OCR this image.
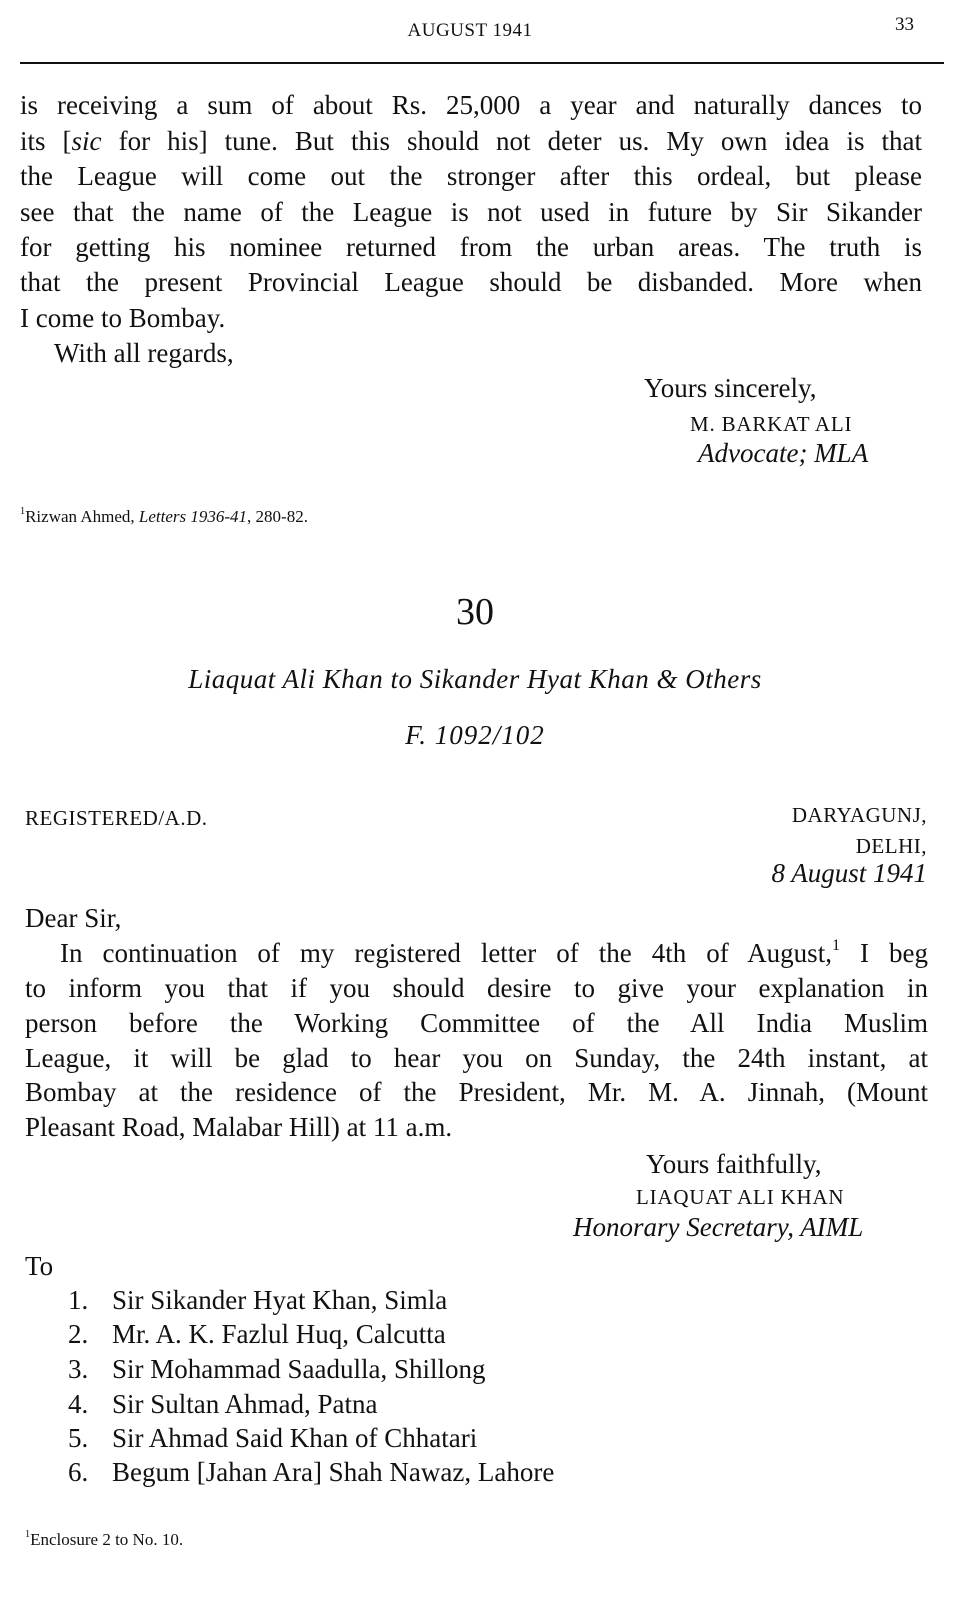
AUGUST 1941	33
is receiving a sum of about Rs. 25,000 a year and naturally dances to
its [sic for his] tune. But this should not deter us. My own idea is that
the League will come out the stronger after this ordeal, but please
see that the name of the League is not used in future by Sir Sikander
for getting his nominee returned from the urban areas. The truth is
that the present Provincial League should be disbanded. More when
I come to Bombay.
With all regards,
Yours sincerely,
M. BARKAT ALI
Advocate; MLA
$^1$Rizwan Ahmed, Letters 1936-41, 280-82.
30
Liaquat Ali Khan to Sikander Hyat Khan & Others
F. 1092/102
REGISTERED/A.D.	DARYAGUNJ,
DELHI,
8 August 1941
Dear Sir,
In continuation of my registered letter of the 4th of August,$^1$ I beg
to inform you that if you should desire to give your explanation in
person before the Working Committee of the All India Muslim
League, it will be glad to hear you on Sunday, the 24th instant, at
Bombay at the residence of the President, Mr. M. A. Jinnah, (Mount
Pleasant Road, Malabar Hill) at 11 a.m.
Yours faithfully,
LIAQUAT ALI KHAN
Honorary Secretary, AIML
To
1. Sir Sikander Hyat Khan, Simla
2. Mr. A. K. Fazlul Huq, Calcutta
3. Sir Mohammad Saadulla, Shillong
4. Sir Sultan Ahmad, Patna
5. Sir Ahmad Said Khan of Chhatari
6. Begum [Jahan Ara] Shah Nawaz, Lahore
$^1$Enclosure 2 to No. 10.
